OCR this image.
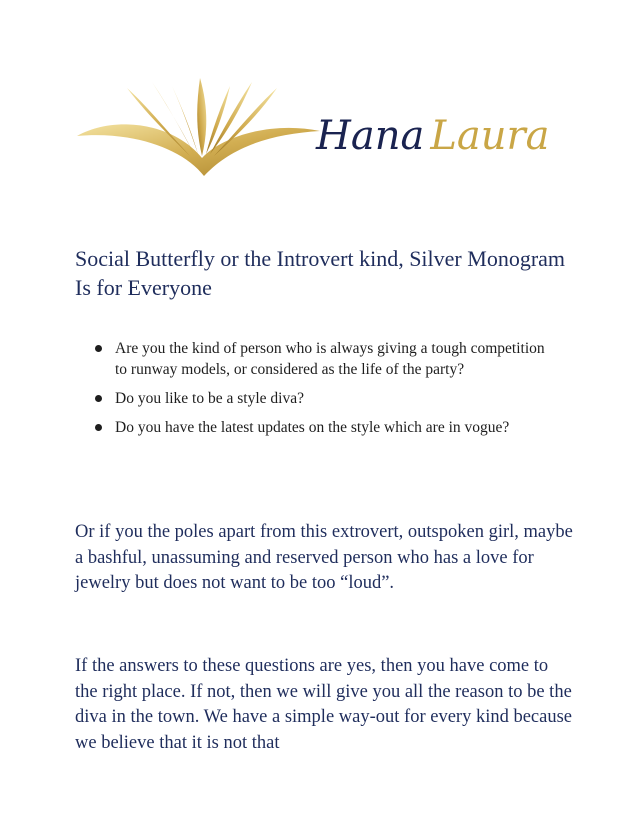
Hana Laura
Social Butterfly or the Introvert kind, Silver Monogram Is for Everyone
Are you the kind of person who is always giving a tough competition to runway models, or considered as the life of the party?
Do you like to be a style diva?
Do you have the latest updates on the style which are in vogue?

Or if you the poles apart from this extrovert, outspoken girl, maybe a bashful, unassuming and reserved person who has a love for jewelry but does not want to be too “loud”.

If the answers to these questions are yes, then you have come to the right place. If not, then we will give you all the reason to be the diva in the town. We have a simple way-out for every kind because we believe that it is not that
